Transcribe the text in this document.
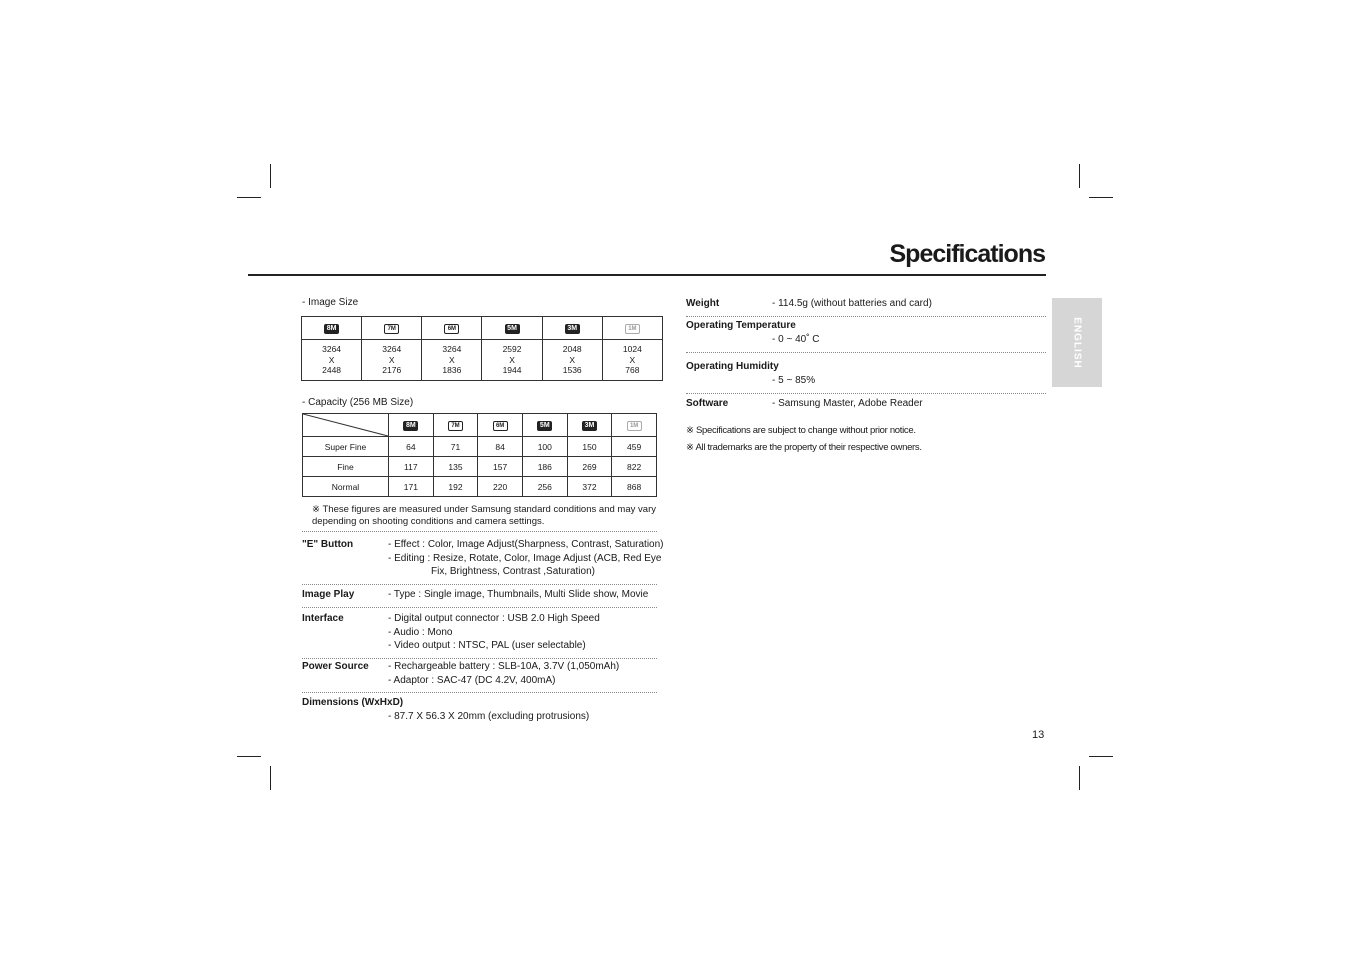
Specifications
- Image Size
8M	7M	6M	5M	3M	1M
3264
X
2448	3264
X
2176	3264
X
1836	2592
X
1944	2048
X
1536	1024
X
768
- Capacity (256 MB Size)
	8M	7M	6M	5M	3M	1M
Super Fine	64	71	84	100	150	459
Fine	117	135	157	186	269	822
Normal	171	192	220	256	372	868
※ These figures are measured under Samsung standard conditions and may vary depending on shooting conditions and camera settings.
"E" Button	- Effect : Color, Image Adjust(Sharpness, Contrast, Saturation)
- Editing : Resize, Rotate, Color, Image Adjust (ACB, Red Eye
Fix, Brightness, Contrast ,Saturation)
Image Play	- Type : Single image, Thumbnails, Multi Slide show, Movie
Interface	- Digital output connector : USB 2.0 High Speed
- Audio : Mono
- Video output : NTSC, PAL (user selectable)
Power Source - Rechargeable battery : SLB-10A, 3.7V (1,050mAh)
- Adaptor : SAC-47 (DC 4.2V, 400mA)
Dimensions (WxHxD)
- 87.7 X 56.3 X 20mm (excluding protrusions)
Weight	- 114.5g (without batteries and card)
Operating Temperature
- 0 ~ 40˚ C
Operating Humidity
- 5 ~ 85%
Software	- Samsung Master, Adobe Reader
※ Specifications are subject to change without prior notice.
※ All trademarks are the property of their respective owners.
ENGLISH
13
